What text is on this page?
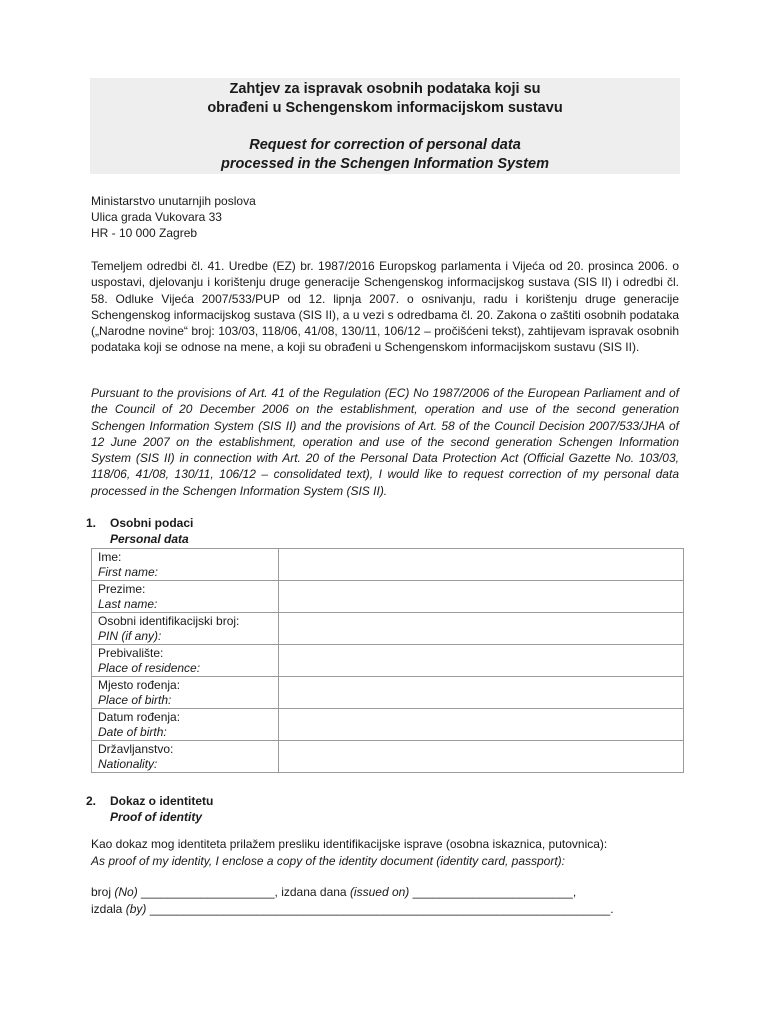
Zahtjev za ispravak osobnih podataka koji su
obrađeni u Schengenskom informacijskom sustavu
Request for correction of personal data
processed in the Schengen Information System
Ministarstvo unutarnjih poslova
Ulica grada Vukovara 33
HR - 10 000 Zagreb
Temeljem odredbi čl. 41. Uredbe (EZ) br. 1987/2016 Europskog parlamenta i Vijeća od 20. prosinca 2006. o uspostavi, djelovanju i korištenju druge generacije Schengenskog informacijskog sustava (SIS II) i odredbi čl. 58. Odluke Vijeća 2007/533/PUP od 12. lipnja 2007. o osnivanju, radu i korištenju druge generacije Schengenskog informacijskog sustava (SIS II), a u vezi s odredbama čl. 20. Zakona o zaštiti osobnih podataka („Narodne novine“ broj: 103/03, 118/06, 41/08, 130/11, 106/12 – pročišćeni tekst), zahtijevam ispravak osobnih podataka koji se odnose na mene, a koji su obrađeni u Schengenskom informacijskom sustavu (SIS II).
Pursuant to the provisions of Art. 41 of the Regulation (EC) No 1987/2006 of the European Parliament and of the Council of 20 December 2006 on the establishment, operation and use of the second generation Schengen Information System (SIS II) and the provisions of Art. 58 of the Council Decision 2007/533/JHA of 12 June 2007 on the establishment, operation and use of the second generation Schengen Information System (SIS II) in connection with Art. 20 of the Personal Data Protection Act (Official Gazette No. 103/03, 118/06, 41/08, 130/11, 106/12 – consolidated text), I would like to request correction of my personal data processed in the Schengen Information System (SIS II).
1. Osobni podaci
Personal data
Ime:
First name:	

Prezime:
Last name:	

Osobni identifikacijski broj:
PIN (if any):	

Prebivalište:
Place of residence:	

Mjesto rođenja:
Place of birth:	

Datum rođenja:
Date of birth:	

Državljanstvo:
Nationality:	

2. Dokaz o identitetu
Proof of identity
Kao dokaz mog identiteta prilažem presliku identifikacijske isprave (osobna iskaznica, putovnica):
As proof of my identity, I enclose a copy of the identity document (identity card, passport):
broj (No) ____________________, izdana dana (issued on) ________________________,
izdala (by) _____________________________________________________________________.
